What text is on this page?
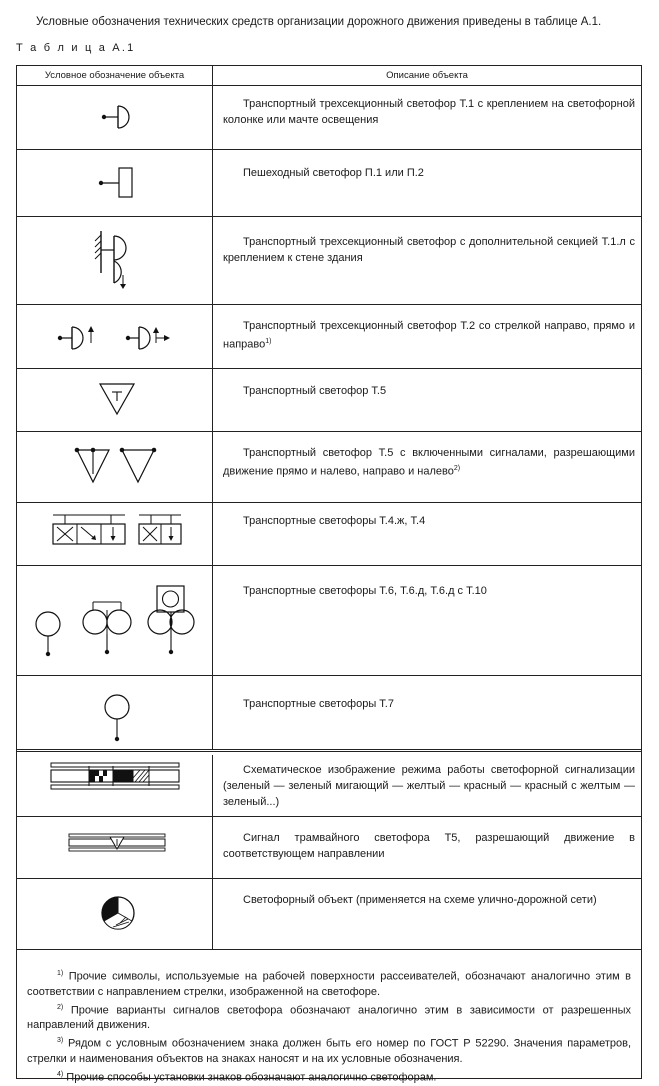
Условные обозначения технических средств организации дорожного движения приведены в таблице А.1.
Т а б л и ц а А.1
Условное обозначение объекта	Описание объекта
Транспортный трехсекционный светофор Т.1 с креплением на светофорной колонке или мачте освещения
Пешеходный светофор П.1 или П.2
Транспортный трехсекционный светофор с дополнительной секцией Т.1.л с креплением к стене здания
Транспортный трехсекционный светофор Т.2 со стрелкой направо, прямо и направо$^{1)}$
Транспортный светофор Т.5
Транспортный светофор Т.5 с включенными сигналами, разрешающими движение прямо и налево, направо и налево$^{2)}$
Транспортные светофоры Т.4.ж, Т.4
Транспортные светофоры Т.6, Т.6.д, Т.6.д с Т.10
Транспортные светофоры Т.7
Схематическое изображение режима работы светофорной сигнализации (зеленый — зеленый мигающий — желтый — красный — красный с желтым — зеленый...)
Сигнал трамвайного светофора Т5, разрешающий движение в соответствующем направлении
Светофорный объект (применяется на схеме улично-дорожной сети)

$^{1)}$ Прочие символы, используемые на рабочей поверхности рассеивателей, обозначают аналогично этим в соответствии с направлением стрелки, изображенной на светофоре.

$^{2)}$ Прочие варианты сигналов светофора обозначают аналогично этим в зависимости от разрешенных направлений движения.

$^{3)}$ Рядом с условным обозначением знака должен быть его номер по ГОСТ Р 52290. Значения параметров, стрелки и наименования объектов на знаках наносят и на их условные обозначения.

$^{4)}$ Прочие способы установки знаков обозначают аналогично светофорам.
